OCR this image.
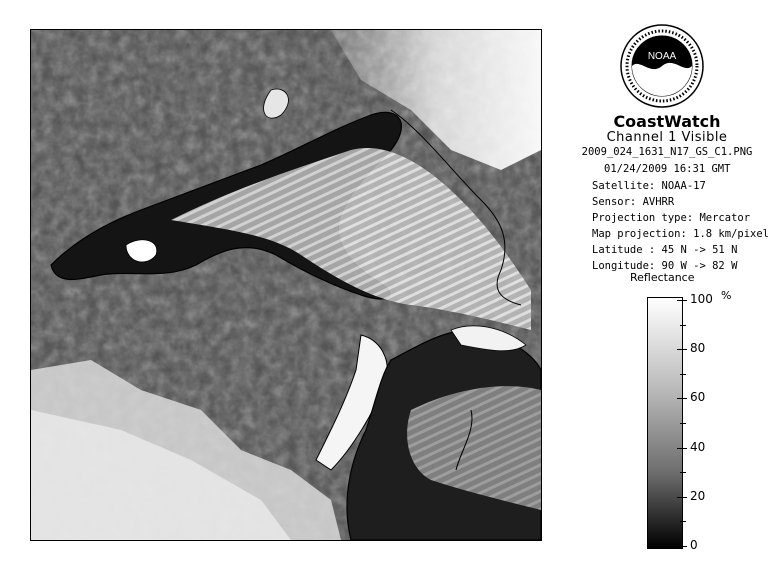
NOAA
CoastWatch
Channel 1 Visible
2009_024_1631_N17_GS_C1.PNG
01/24/2009 16:31 GMT
Satellite: NOAA-17
Sensor: AVHRR
Projection type: Mercator
Map projection: 1.8 km/pixel
Latitude : 45 N -> 51 N
Longitude: 90 W -> 82 W
Reflectance
%
100
80
60
40
20
0
